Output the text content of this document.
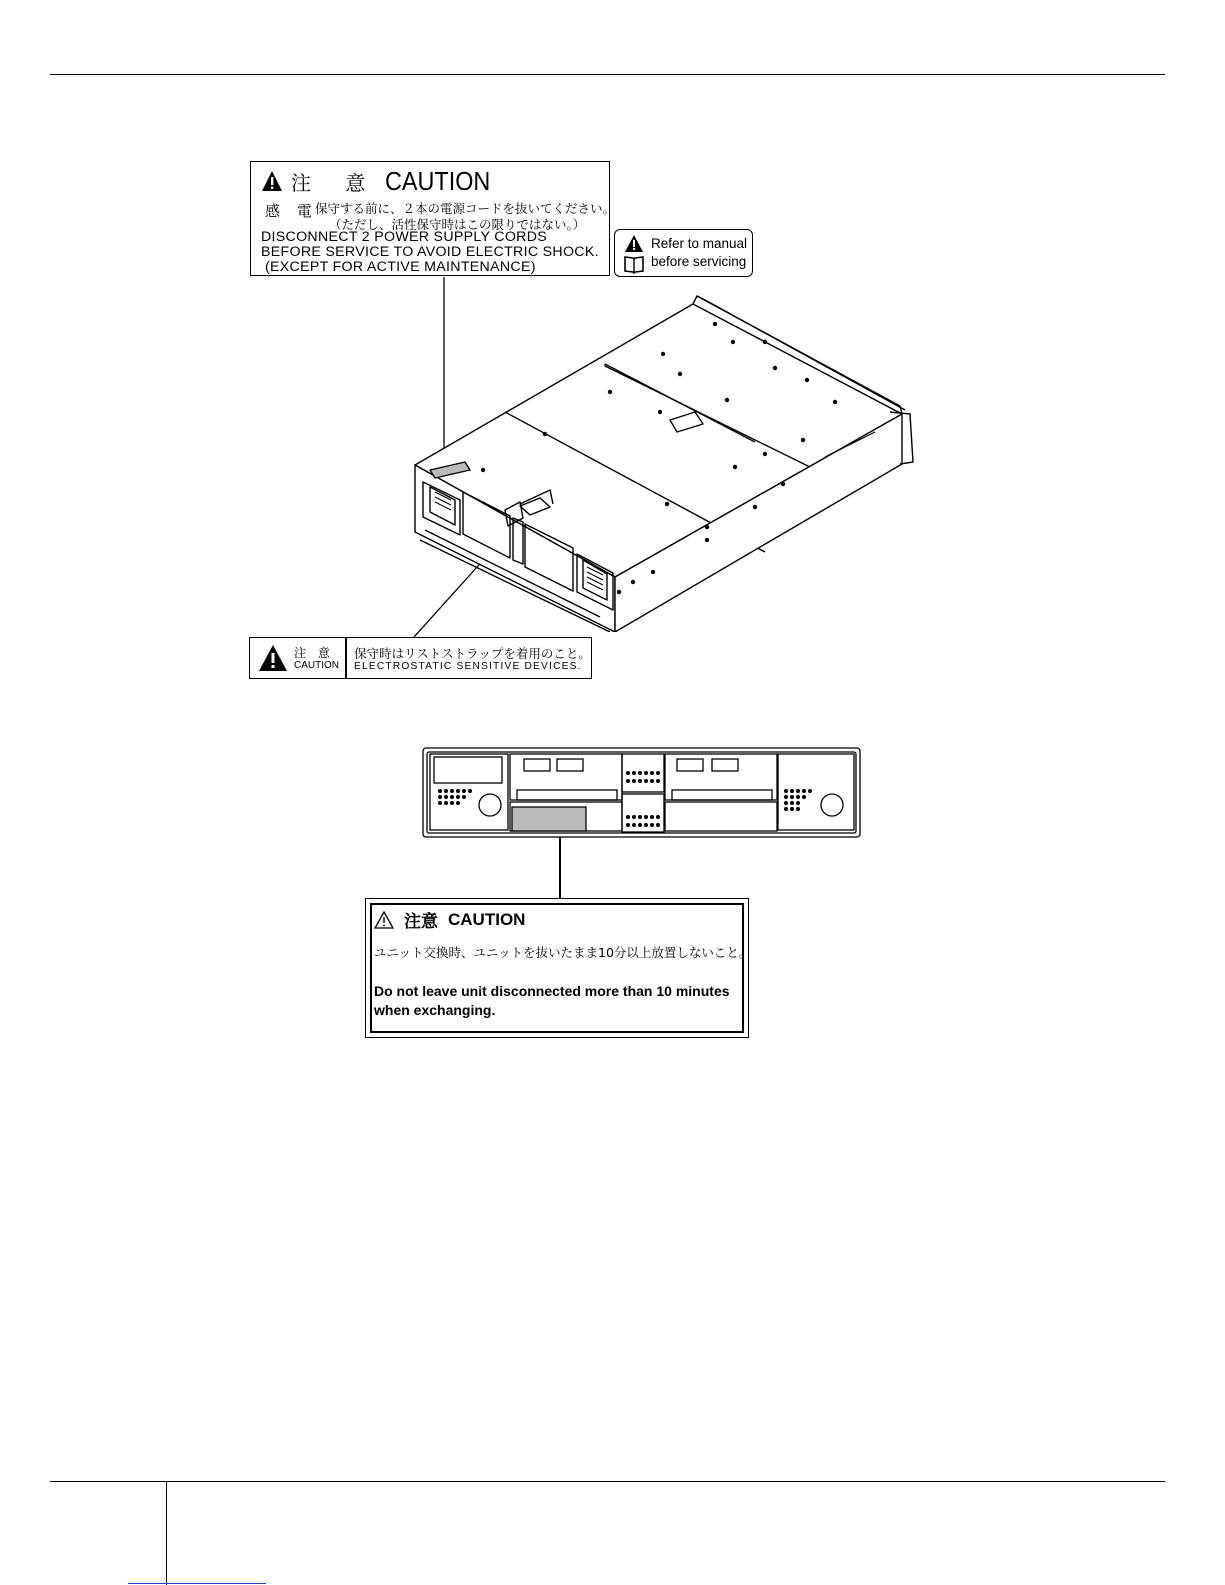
注 意 CAUTION
感 電
保守する前に、２本の電源コードを抜いてください。
（ただし、活性保守時はこの限りではない。）
DISCONNECT 2 POWER SUPPLY CORDS
BEFORE SERVICE TO AVOID ELECTRIC SHOCK.
(EXCEPT FOR ACTIVE MAINTENANCE)
Refer to manual
before servicing
注 意
CAUTION
保守時はリストストラップを着用のこと。
ELECTROSTATIC SENSITIVE DEVICES.
注意 CAUTION
ユニット交換時、ユニットを抜いたまま10分以上放置しないこと。
Do not leave unit disconnected more than 10 minutes
when exchanging.
